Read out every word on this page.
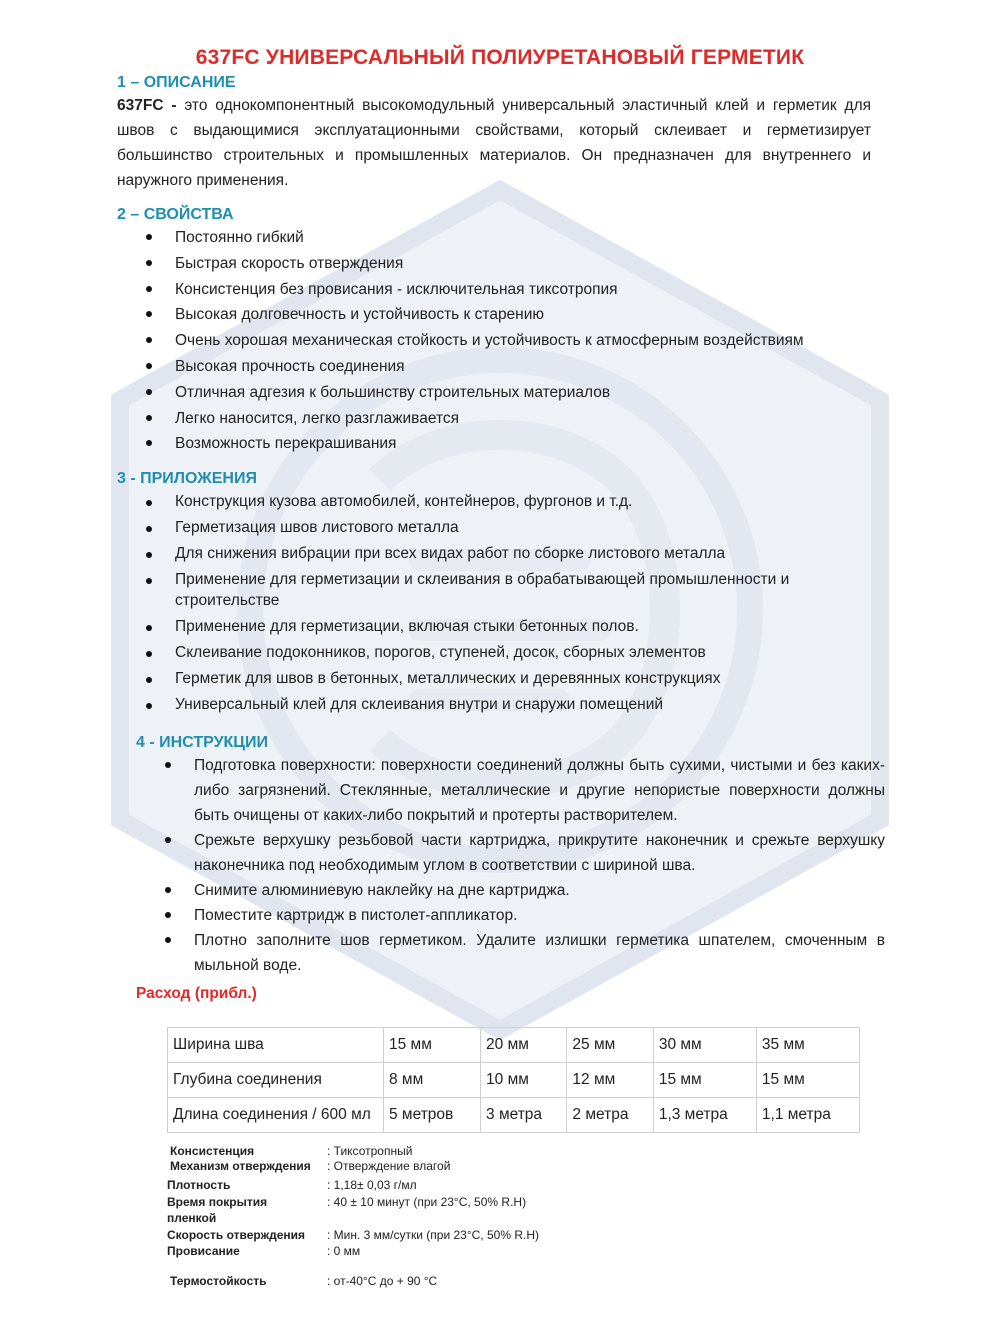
637FC УНИВЕРСАЛЬНЫЙ ПОЛИУРЕТАНОВЫЙ ГЕРМЕТИК
1 – ОПИСАНИЕ
637FC - это однокомпонентный высокомодульный универсальный эластичный клей и герметик для швов с выдающимися эксплуатационными свойствами, который склеивает и герметизирует большинство строительных и промышленных материалов. Он предназначен для внутреннего и наружного применения.
2 – СВОЙСТВА
Постоянно гибкий
Быстрая скорость отверждения
Консистенция без провисания - исключительная тиксотропия
Высокая долговечность и устойчивость к старению
Очень хорошая механическая стойкость и устойчивость к атмосферным воздействиям
Высокая прочность соединения
Отличная адгезия к большинству строительных материалов
Легко наносится, легко разглаживается
Возможность перекрашивания
3 - ПРИЛОЖЕНИЯ
Конструкция кузова автомобилей, контейнеров, фургонов и т.д.
Герметизация швов листового металла
Для снижения вибрации при всех видах работ по сборке листового металла
Применение для герметизации и склеивания в обрабатывающей промышленности и строительстве
Применение для герметизации, включая стыки бетонных полов.
Склеивание подоконников, порогов, ступеней, досок, сборных элементов
Герметик для швов в бетонных, металлических и деревянных конструкциях
Универсальный клей для склеивания внутри и снаружи помещений
4 - ИНСТРУКЦИИ
Подготовка поверхности: поверхности соединений должны быть сухими, чистыми и без каких-либо загрязнений. Стеклянные, металлические и другие непористые поверхности должны быть очищены от каких-либо покрытий и протерты растворителем.
Срежьте верхушку резьбовой части картриджа, прикрутите наконечник и срежьте верхушку наконечника под необходимым углом в соответствии с шириной шва.
Снимите алюминиевую наклейку на дне картриджа.
Поместите картридж в пистолет-аппликатор.
Плотно заполните шов герметиком. Удалите излишки герметика шпателем, смоченным в мыльной воде.
Расход (прибл.)
Ширина шва	15 мм	20 мм	25 мм	30 мм	35 мм
Глубина соединения	8 мм	10 мм	12 мм	15 мм	15 мм
Длина соединения / 600 мл	5 метров	3 метра	2 метра	1,3 метра	1,1 метра
Консистенция	: Тиксотропный
Механизм отверждения	: Отверждение влагой
Плотность	: 1,18± 0,03 г/мл
Время покрытия пленкой
: 40 ± 10 минут (при 23°C, 50% R.H)
Скорость отверждения	: Мин. 3 мм/сутки (при 23°C, 50% R.H)
Провисание	: 0 мм
Термостойкость	: от-40°C до + 90 °C
